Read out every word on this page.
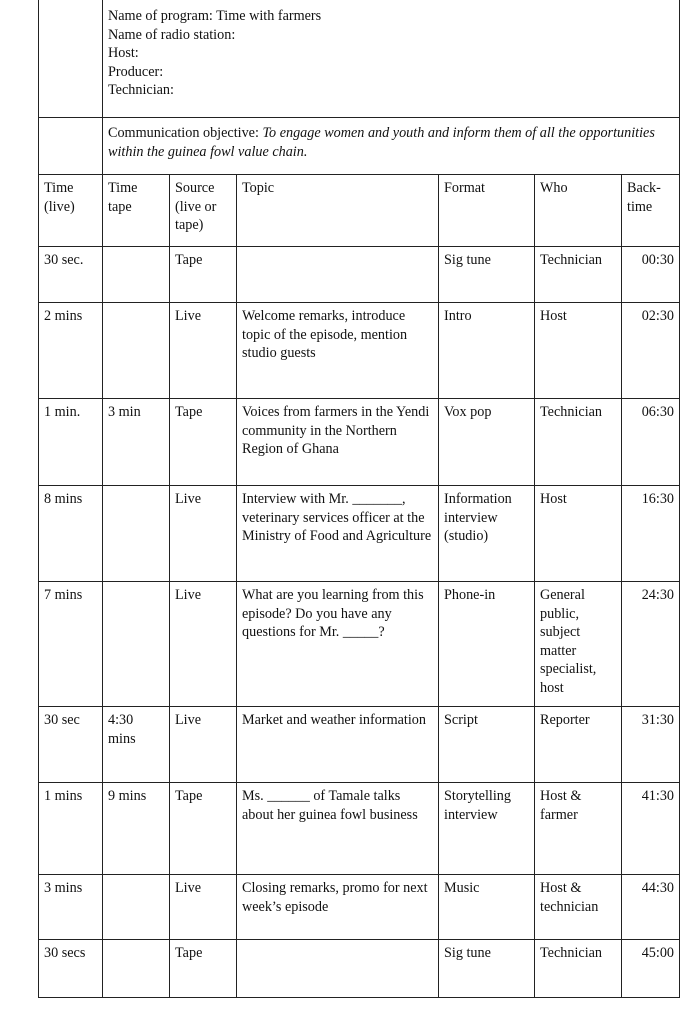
	Name of program: Time with farmers
Name of radio station:
Host:
Producer:
Technician:					

	Communication objective: To engage women and youth and inform them of all the opportunities within the guinea fowl value chain.					
Time (live)	Time tape	Source (live or tape)	Topic	Format	Who	Back-time
30 sec.		Tape		Sig tune	Technician	00:30
2 mins		Live	Welcome remarks, introduce topic of the episode, mention studio guests	Intro	Host	02:30
1 min.	3 min	Tape	Voices from farmers in the Yendi community in the Northern Region of Ghana	Vox pop	Technician	06:30
8 mins		Live	Interview with Mr. _______, veterinary services officer at the Ministry of Food and Agriculture	Information interview (studio)	Host	16:30
7 mins		Live	What are you learning from this episode? Do you have any questions for Mr. _____?	Phone-in	General public, subject matter specialist, host	24:30
30 sec	4:30 mins	Live	Market and weather information	Script	Reporter	31:30
1 mins	9 mins	Tape	Ms. ______ of Tamale talks about her guinea fowl business	Storytelling interview	Host & farmer	41:30
3 mins		Live	Closing remarks, promo for next week’s episode	Music	Host & technician	44:30
30 secs		Tape		Sig tune	Technician	45:00
